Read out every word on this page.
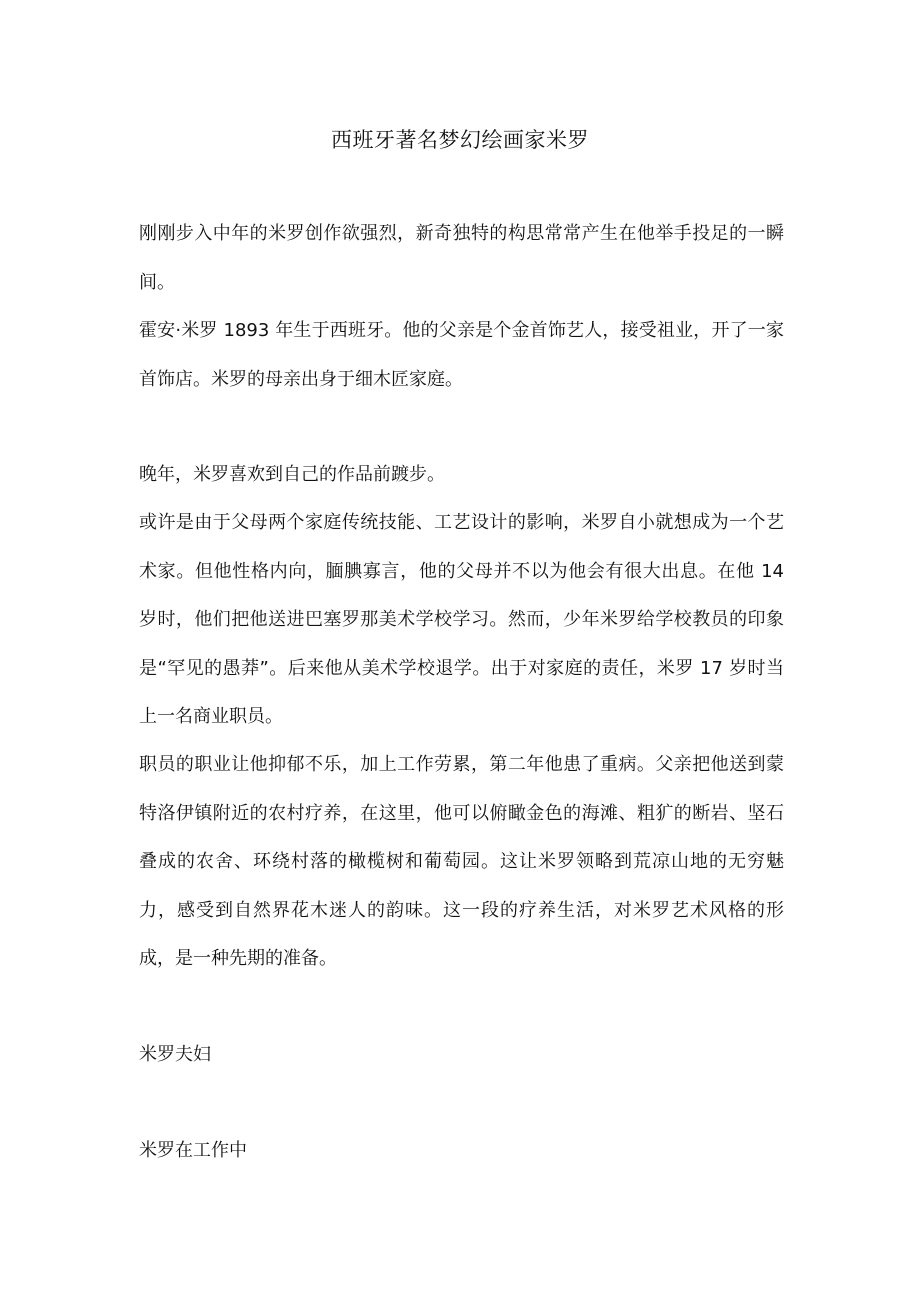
西班牙著名梦幻绘画家米罗

刚刚步入中年的米罗创作欲强烈，新奇独特的构思常常产生在他举手投足的一瞬间。

霍安·米罗 1893 年生于西班牙。他的父亲是个金首饰艺人，接受祖业，开了一家首饰店。米罗的母亲出身于细木匠家庭。

晚年，米罗喜欢到自己的作品前踱步。

或许是由于父母两个家庭传统技能、工艺设计的影响，米罗自小就想成为一个艺术家。但他性格内向，腼腆寡言，他的父母并不以为他会有很大出息。在他 14 岁时，他们把他送进巴塞罗那美术学校学习。然而，少年米罗给学校教员的印象是“罕见的愚莽”。后来他从美术学校退学。出于对家庭的责任，米罗 17 岁时当上一名商业职员。

职员的职业让他抑郁不乐，加上工作劳累，第二年他患了重病。父亲把他送到蒙特洛伊镇附近的农村疗养，在这里，他可以俯瞰金色的海滩、粗犷的断岩、坚石叠成的农舍、环绕村落的橄榄树和葡萄园。这让米罗领略到荒凉山地的无穷魅力，感受到自然界花木迷人的韵味。这一段的疗养生活，对米罗艺术风格的形成，是一种先期的准备。

米罗夫妇

米罗在工作中
